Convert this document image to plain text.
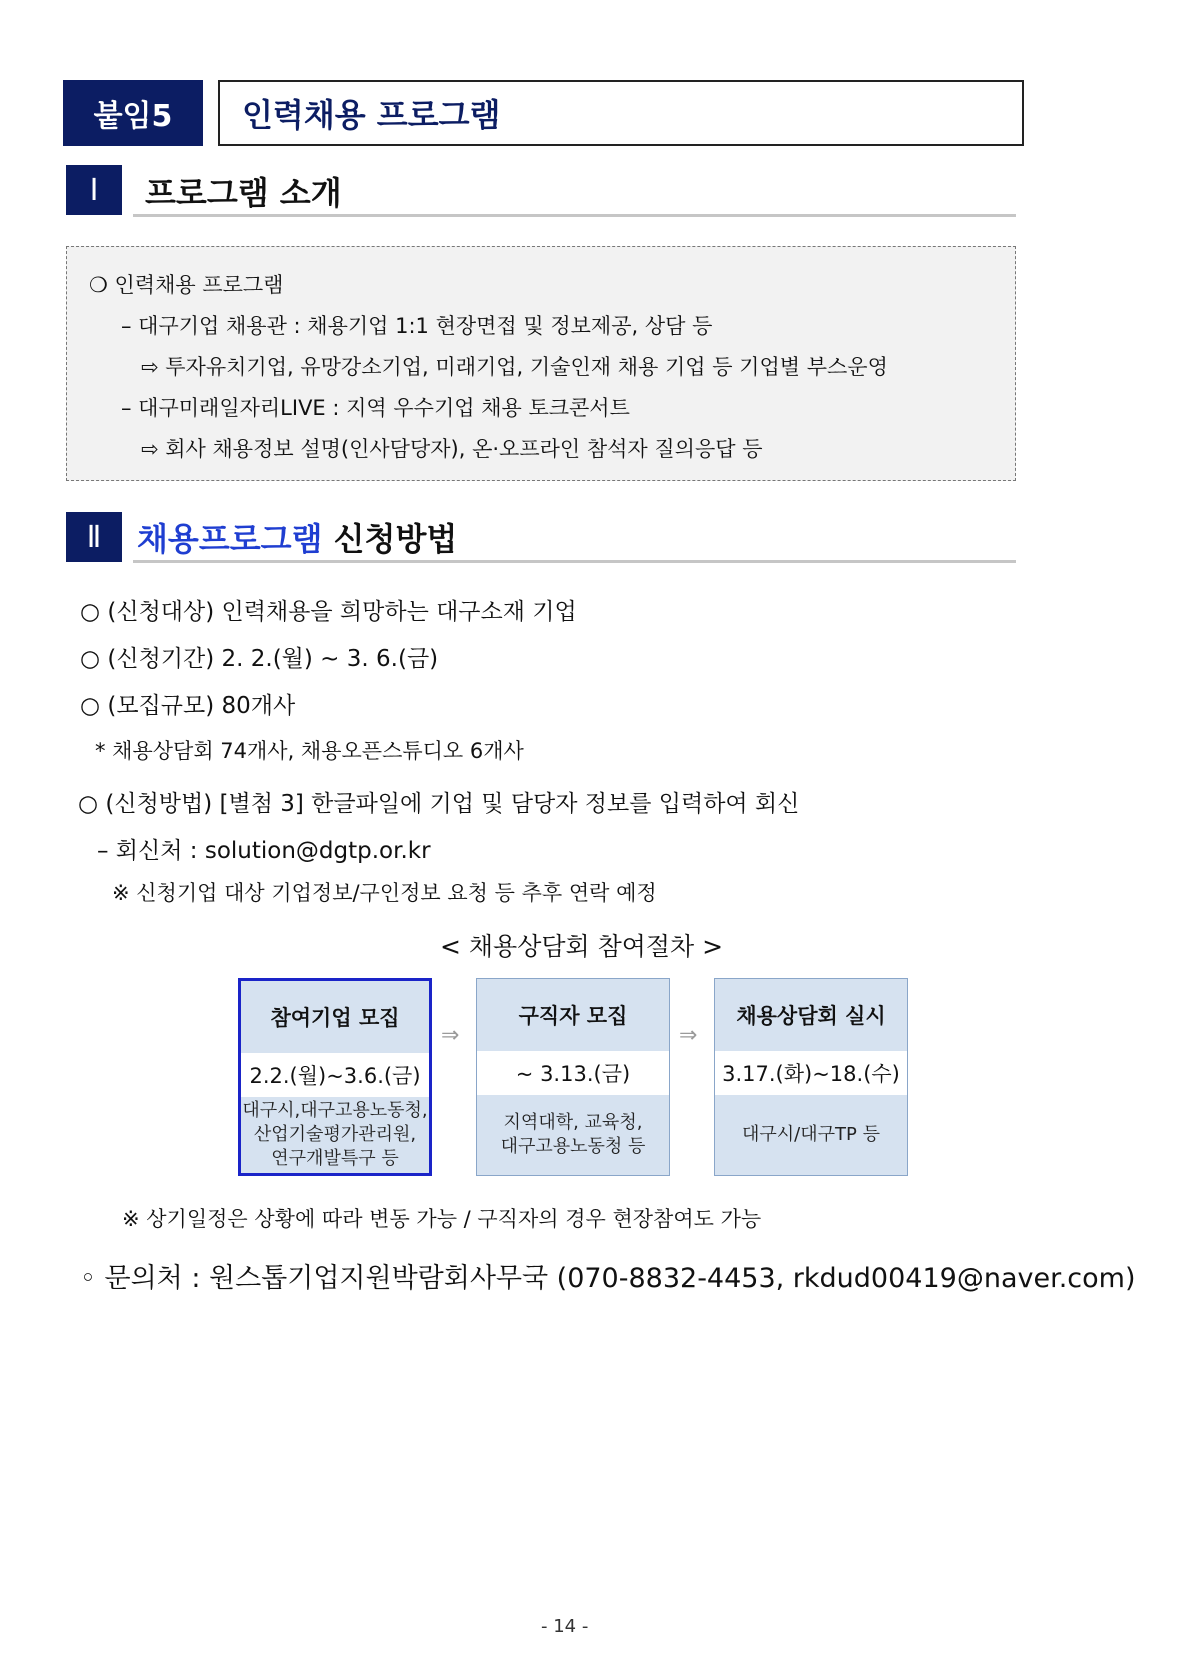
붙임5 인력채용 프로그램
Ⅰ	프로그램 소개
❍ 인력채용 프로그램
– 대구기업 채용관 : 채용기업 1:1 현장면접 및 정보제공, 상담 등
⇨ 투자유치기업, 유망강소기업, 미래기업, 기술인재 채용 기업 등 기업별 부스운영
– 대구미래일자리LIVE : 지역 우수기업 채용 토크콘서트
⇨ 회사 채용정보 설명(인사담당자), 온·오프라인 참석자 질의응답 등
Ⅱ	채용프로그램 신청방법
○ (신청대상) 인력채용을 희망하는 대구소재 기업
○ (신청기간) 2. 2.(월) ~ 3. 6.(금)
○ (모집규모) 80개사
* 채용상담회 74개사, 채용오픈스튜디오 6개사
○ (신청방법) [별첨 3] 한글파일에 기업 및 담당자 정보를 입력하여 회신
– 회신처 : solution@dgtp.or.kr
※ 신청기업 대상 기업정보/구인정보 요청 등 추후 연락 예정
< 채용상담회 참여절차 >
참여기업 모집
2.2.(월)~3.6.(금)
대구시,대구고용노동청,
산업기술평가관리원,
연구개발특구 등
⇒
구직자 모집
~ 3.13.(금)
지역대학, 교육청,
대구고용노동청 등
⇒
채용상담회 실시
3.17.(화)~18.(수)
대구시/대구TP 등
※ 상기일정은 상황에 따라 변동 가능 / 구직자의 경우 현장참여도 가능
◦ 문의처 : 원스톱기업지원박람회사무국 (070-8832-4453, rkdud00419@naver.com)
- 14 -
